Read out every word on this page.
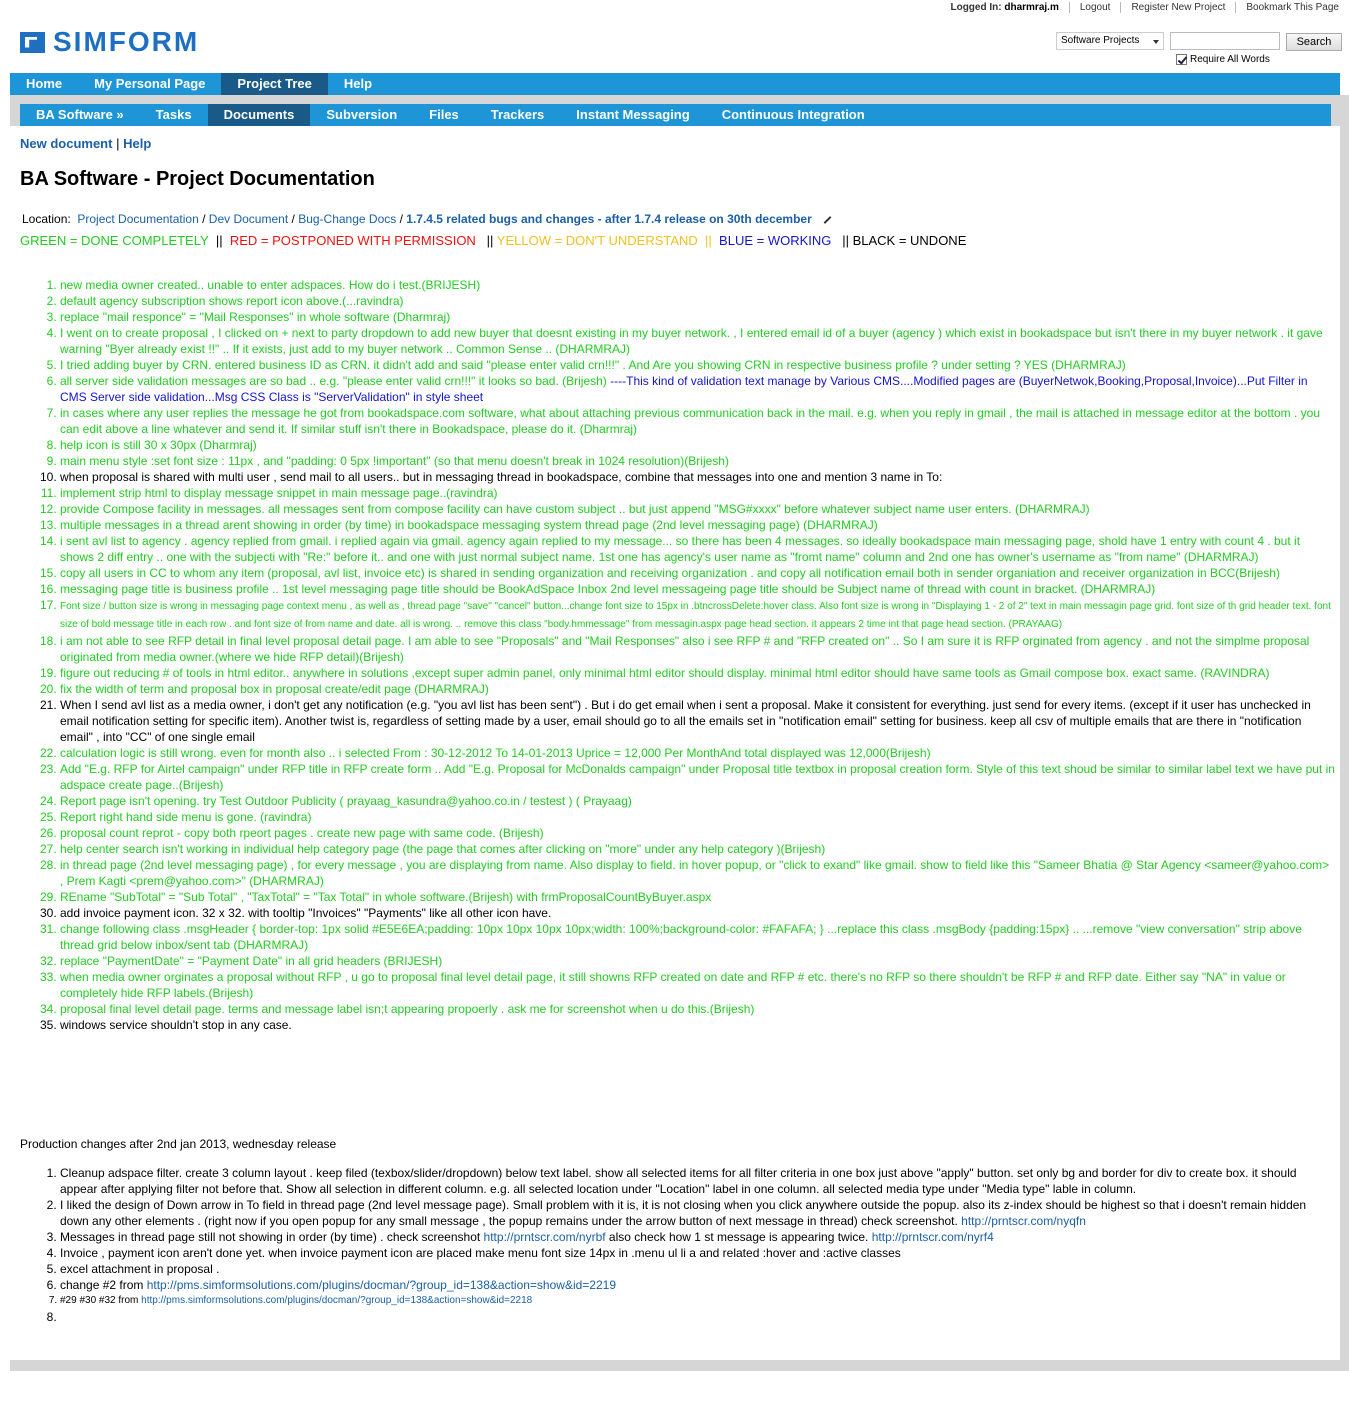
Logged In: dharmraj.m	Logout	Register New Project	Bookmark This Page
SIMFORM	Software Projects	Search
Require All Words
Home	My Personal Page	Project Tree	Help
BA Software »	Tasks	Documents	Subversion	Files	Trackers	Instant Messaging	Continuous Integration
New document | Help
BA Software - Project Documentation
Location: Project Documentation / Dev Document / Bug-Change Docs / 1.7.4.5 related bugs and changes - after 1.7.4 release on 30th december
GREEN = DONE COMPLETELY  ||  RED = POSTPONED WITH PERMISSION   || YELLOW = DON'T UNDERSTAND || BLUE = WORKING   || BLACK = UNDONE
1. new media owner created.. unable to enter adspaces. How do i test.(BRIJESH)
2. default agency subscription shows report icon above.(...ravindra)
3. replace "mail responce" = "Mail Responses" in whole software (Dharmraj)
4. I went on to create proposal , I clicked on + next to party dropdown to add new buyer that doesnt existing in my buyer network. , I entered email id of a buyer (agency ) which exist in bookadspace but isn't there in my buyer network . it gave warning "Byer already exist !!" .. If it exists, just add to my buyer network .. Common Sense .. (DHARMRAJ)
5. I tried adding buyer by CRN. entered business ID as CRN. it didn't add and said "please enter valid crn!!!" . And Are you showing CRN in respective business profile ? under setting ? YES (DHARMRAJ)
6. all server side validation messages are so bad .. e.g. "please enter valid crn!!!" it looks so bad. (Brijesh) ----This kind of validation text manage by Various CMS....Modified pages are (BuyerNetwok,Booking,Proposal,Invoice)...Put Filter in CMS Server side validation...Msg CSS Class is "ServerValidation" in style sheet
7. in cases where any user replies the message he got from bookadspace.com software, what about attaching previous communication back in the mail. e.g. when you reply in gmail , the mail is attached in message editor at the bottom . you can edit above a line whatever and send it. If similar stuff isn't there in Bookadspace, please do it. (Dharmraj)
8. help icon is still 30 x 30px (Dharmraj)
9. main menu style :set font size : 11px , and "padding: 0 5px !important" (so that menu doesn't break in 1024 resolution)(Brijesh)
10. when proposal is shared with multi user , send mail to all users.. but in messaging thread in bookadspace, combine that messages into one and mention 3 name in To:
11. implement strip html to display message snippet in main message page..(ravindra)
12. provide Compose facility in messages. all messages sent from compose facility can have custom subject .. but just append "MSG#xxxx" before whatever subject name user enters. (DHARMRAJ)
13. multiple messages in a thread arent showing in order (by time) in bookadspace messaging system thread page (2nd level messaging page) (DHARMRAJ)
14. i sent avl list to agency . agency replied from gmail. i replied again via gmail. agency again replied to my message... so there has been 4 messages. so ideally bookadspace main messaging page, shold have 1 entry with count 4 . but it shows 2 diff entry .. one with the subjecti with "Re:" before it.. and one with just normal subject name. 1st one has agency's user name as "fromt name" column and 2nd one has owner's username as "from name" (DHARMRAJ)
15. copy all users in CC to whom any item (proposal, avl list, invoice etc) is shared in sending organization and receiving organization . and copy all notification email both in sender organiation and receiver organization in BCC(Brijesh)
16. messaging page title is business profile .. 1st level messaging page title should be BookAdSpace Inbox 2nd level messageing page title should be Subject name of thread with count in bracket. (DHARMRAJ)
17. Font size / button size is wrong in messaging page context menu , as well as , thread page "save" "cancel" button...change font size to 15px in .btncrossDelete:hover class. Also font size is wrong in "Displaying 1 - 2 of 2" text in main messagin page grid. font size of th grid header text. font size of bold message title in each row . and font size of from name and date. all is wrong. .. remove this class "body.hmmessage" from messagin.aspx page head section. it appears 2 time int that page head section. (PRAYAAG)
18. i am not able to see RFP detail in final level proposal detail page. I am able to see "Proposals" and "Mail Responses" also i see RFP # and "RFP created on" .. So I am sure it is RFP orginated from agency . and not the simplme proposal originated from media owner.(where we hide RFP detail)(Brijesh)
19. figure out reducing # of tools in html editor.. anywhere in solutions ,except super admin panel, only minimal html editor should display. minimal html editor should have same tools as Gmail compose box. exact same. (RAVINDRA)
20. fix the width of term and proposal box in proposal create/edit page (DHARMRAJ)
21. When I send avl list as a media owner, i don't get any notification (e.g. "you avl list has been sent") . But i do get email when i sent a proposal. Make it consistent for everything. just send for every items. (except if it user has unchecked in email notification setting for specific item). Another twist is, regardless of setting made by a user, email should go to all the emails set in "notification email" setting for business. keep all csv of multiple emails that are there in "notification email" , into "CC" of one single email
22. calculation logic is still wrong. even for month also .. i selected From : 30-12-2012 To 14-01-2013 Uprice = 12,000 Per MonthAnd total displayed was 12,000(Brijesh)
23. Add "E.g. RFP for Airtel campaign" under RFP title in RFP create form .. Add "E.g. Proposal for McDonalds campaign" under Proposal title textbox in proposal creation form. Style of this text shoud be similar to similar label text we have put in adspace create page..(Brijesh)
24. Report page isn't opening. try Test Outdoor Publicity ( prayaag_kasundra@yahoo.co.in / testest ) ( Prayaag)
25. Report right hand side menu is gone. (ravindra)
26. proposal count reprot - copy both rpeort pages . create new page with same code. (Brijesh)
27. help center search isn't working in individual help category page (the page that comes after clicking on "more" under any help category )(Brijesh)
28. in thread page (2nd level messaging page) , for every message , you are displaying from name. Also display to field. in hover popup, or "click to exand" like gmail. show to field like this "Sameer Bhatia @ Star Agency <sameer@yahoo.com> , Prem Kagti <prem@yahoo.com>" (DHARMRAJ)
29. REname "SubTotal" = "Sub Total" , "TaxTotal" = "Tax Total" in whole software.(Brijesh) with frmProposalCountByBuyer.aspx
30. add invoice payment icon. 32 x 32. with tooltip "Invoices" "Payments" like all other icon have.
31. change following class .msgHeader { border-top: 1px solid #E5E6EA;padding: 10px 10px 10px 10px;width: 100%;background-color: #FAFAFA; } ...replace this class .msgBody {padding:15px} .. ...remove "view conversation" strip above thread grid below inbox/sent tab (DHARMRAJ)
32. replace "PaymentDate" = "Payment Date" in all grid headers (BRIJESH)
33. when media owner orginates a proposal without RFP , u go to proposal final level detail page, it still showns RFP created on date and RFP # etc. there's no RFP so there shouldn't be RFP # and RFP date. Either say "NA" in value or completely hide RFP labels.(Brijesh)
34. proposal final level detail page. terms and message label isn;t appearing propoerly . ask me for screenshot when u do this.(Brijesh)
35. windows service shouldn't stop in any case.
Production changes after 2nd jan 2013, wednesday release
1. Cleanup adspace filter. create 3 column layout . keep filed (texbox/slider/dropdown) below text label. show all selected items for all filter criteria in one box just above "apply" button. set only bg and border for div to create box. it should appear after applying filter not before that. Show all selection in different column. e.g. all selected location under "Location" label in one column. all selected media type under "Media type" lable in column.
2. I liked the design of Down arrow in To field in thread page (2nd level message page). Small problem with it is, it is not closing when you click anywhere outside the popup. also its z-index should be highest so that i doesn't remain hidden down any other elements . (right now if you open popup for any small message , the popup remains under the arrow button of next message in thread) check screenshot. http://prntscr.com/nyqfn
3. Messages in thread page still not showing in order (by time) . check screenshot http://prntscr.com/nyrbf also check how 1 st message is appearing twice. http://prntscr.com/nyrf4
4. Invoice , payment icon aren't done yet. when invoice payment icon are placed make menu font size 14px in .menu ul li a and related :hover and :active classes
5. excel attachment in proposal .
6. change #2 from http://pms.simformsolutions.com/plugins/docman/?group_id=138&action=show&id=2219
7. #29 #30 #32 from http://pms.simformsolutions.com/plugins/docman/?group_id=138&action=show&id=2218
8.
